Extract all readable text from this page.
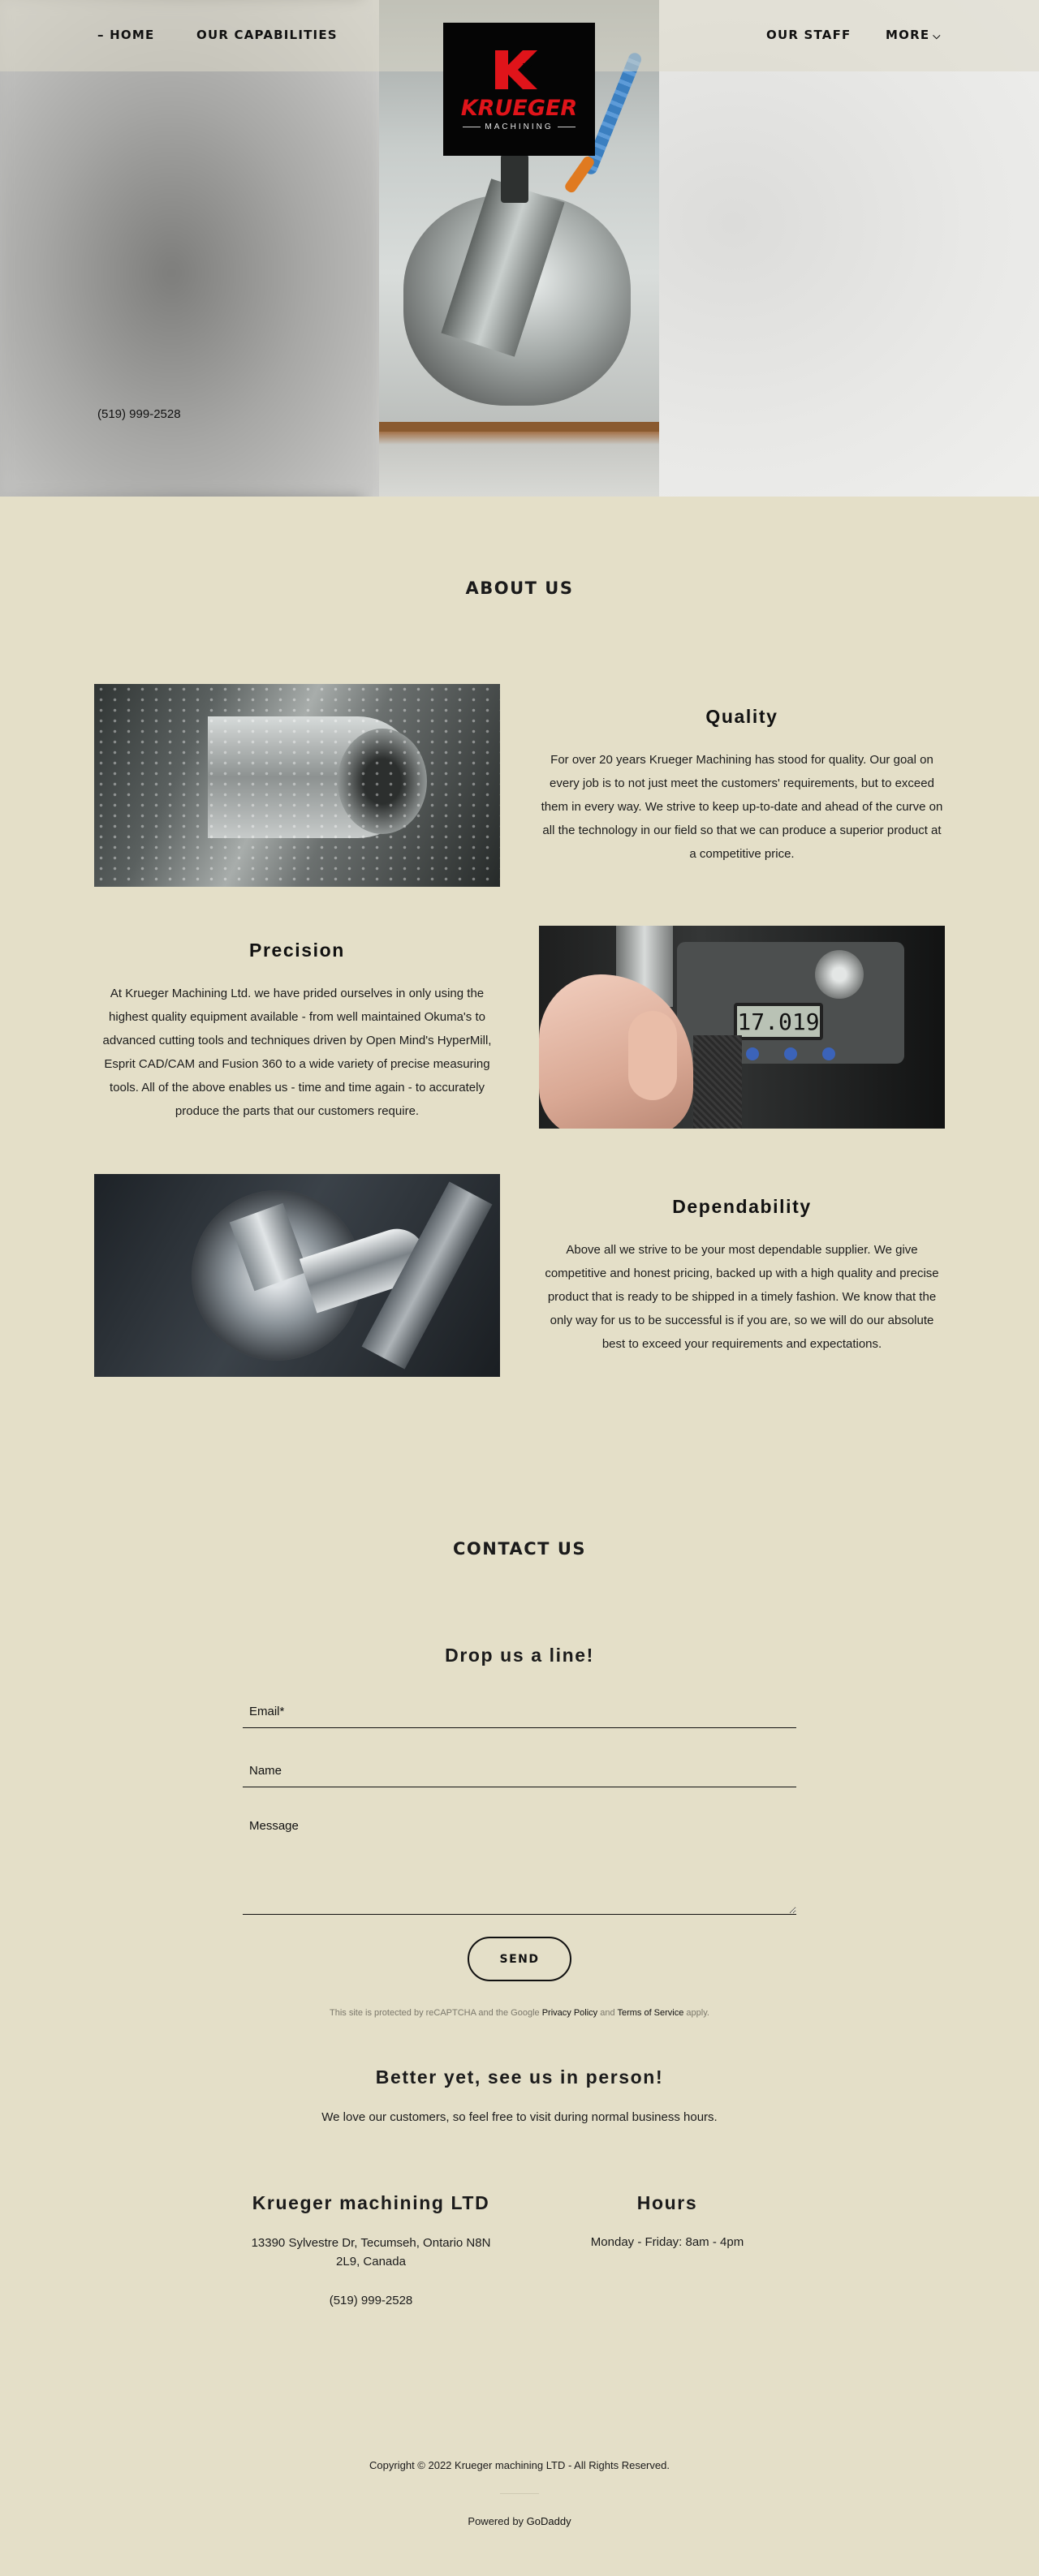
– HOME	OUR CAPABILITIES	OUR STAFF	MORE ⌵
KRUEGER
MACHINING
(519) 999-2528
ABOUT US
Quality

For over 20 years Krueger Machining has stood for quality. Our goal on every job is to not just meet the customers' requirements, but to exceed them in every way. We strive to keep up-to-date and ahead of the curve on all the technology in our field so that we can produce a superior product at a competitive price.

Precision

At Krueger Machining Ltd. we have prided ourselves in only using the highest quality equipment available - from well maintained Okuma's to advanced cutting tools and techniques driven by Open Mind's HyperMill, Esprit CAD/CAM and Fusion 360 to a wide variety of precise measuring tools. All of the above enables us - time and time again - to accurately produce the parts that our customers require.

17.019
Dependability

Above all we strive to be your most dependable supplier. We give competitive and honest pricing, backed up with a high quality and precise product that is ready to be shipped in a timely fashion. We know that the only way for us to be successful is if you are, so we will do our absolute best to exceed your requirements and expectations.

CONTACT US
Drop us a line!
Email*
Name
Message
SEND
This site is protected by reCAPTCHA and the Google Privacy Policy and Terms of Service apply.
Better yet, see us in person!

We love our customers, so feel free to visit during normal business hours.

Krueger machining LTD

13390 Sylvestre Dr, Tecumseh, Ontario N8N 2L9, Canada

(519) 999-2528

Hours

Monday - Friday: 8am - 4pm

Copyright © 2022 Krueger machining LTD - All Rights Reserved.

Powered by GoDaddy
